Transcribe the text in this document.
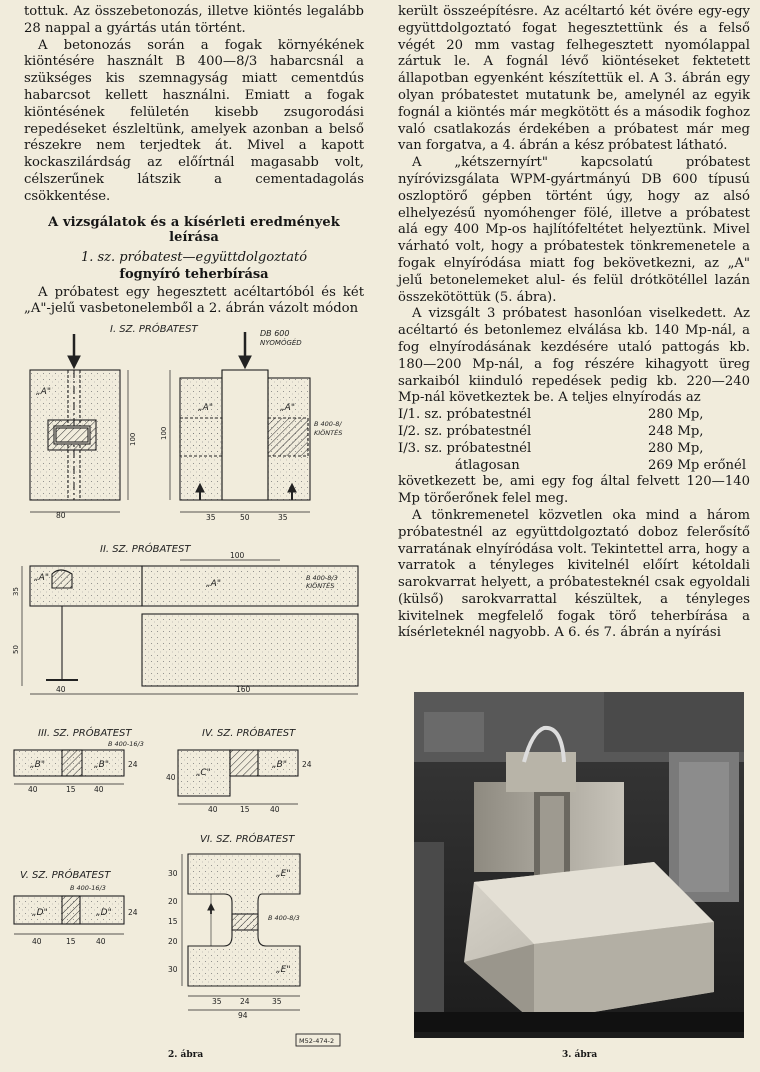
tottuk. Az összebetonozás, illetve kiöntés legalább 28 nappal a gyártás után történt.

A betonozás során a fogak környékének kiöntésére használt B 400—8/3 habarcsnál a szükséges kis szemnagyság miatt cementdús habarcsot kellett használni. Emiatt a fogak kiöntésének felületén kisebb zsugorodási repedéseket észleltünk, amelyek azonban a belső részekre nem terjedtek át. Mivel a kapott kockaszilárdság az előírtnál magasabb volt, célszerűnek látszik a cementadagolás csökkentése.

A vizsgálatok és a kísérleti eredmények leírása

1. sz. próbatest—együttdolgoztató

fognyíró teherbírása

A próbatest egy hegesztett acéltartóból és két „A"-jelű vasbetonelemből a 2. ábrán vázolt módon

került összeépítésre. Az acéltartó két övére egy-egy együttdolgoztató fogat hegesztettünk és a felső végét 20 mm vastag felhegesztett nyomólappal zártuk le. A fognál lévő kiöntéseket fektetett állapotban egyenként készítettük el. A 3. ábrán egy olyan próbatestet mutatunk be, amelynél az egyik fognál a kiöntés már megkötött és a második foghoz való csatlakozás érdekében a próbatest már meg van forgatva, a 4. ábrán a kész próbatest látható.

A „kétszernyírt" kapcsolatú próbatest nyíróvizsgálata WPM-gyártmányú DB 600 típusú oszloptörő gépben történt úgy, hogy az alsó elhelyezésű nyomóhenger fölé, illetve a próbatest alá egy 400 Mp-os hajlítófeltétet helyeztünk. Mivel várható volt, hogy a próbatestek tönkremenetele a fogak elnyíródása miatt fog bekövetkezni, az „A" jelű betonelemeket alul- és felül drótkötéllel lazán összekötöttük (5. ábra).

A vizsgált 3 próbatest hasonlóan viselkedett. Az acéltartó és betonlemez elválása kb. 140 Mp-nál, a fog elnyírodásának kezdésére utaló pattogás kb. 180—200 Mp-nál, a fog részére kihagyott üreg sarkaiból kiinduló repedések pedig kb. 220—240 Mp-nál következtek be. A teljes elnyírodás az

I/1. sz. próbatestnél	280 Mp,
I/2. sz. próbatestnél	248 Mp,
I/3. sz. próbatestnél	280 Mp,
átlagosan	269 Mp erőnél

következett be, ami egy fog által felvett 120—140 Mp törőerőnek felel meg.

A tönkremenetel közvetlen oka mind a három próbatestnél az együttdolgoztató doboz felerősítő varratának elnyíródása volt. Tekintettel arra, hogy a varratok a tényleges kivitelnél előírt kétoldali sarokvarrat helyett, a próbatesteknél csak egyoldali (külső) sarokvarrattal készültek, a tényleges kivitelnek megfelelő fogak törő teherbírása a kísérleteknél nagyobb. A 6. és 7. ábrán a nyírási

I. SZ. PRÓBATEST
„A"
100
80
DB 600
NYOMÓGÉD
„A"	„A"
B 400-8/
KIÖNTÉS
100
35	50	35
II. SZ. PRÓBATEST
„A"
„A"
B 400-8/3
KIÖNTÉS
100
35
50
40	160
III. SZ. PRÓBATEST
B 400-16/3
„B"	„B"	24
40	15 40
IV. SZ. PRÓBATEST
„C"
„B" 24
40
40	15	40
V. SZ. PRÓBATEST
B 400-16/3
„D"	„D" 24
40	15	40
VI. SZ. PRÓBATEST
„E"
„E"
B 400-8/3
30
20
15
20
30
35 24	35
94
M52-474-2
2. ábra	3. ábra
